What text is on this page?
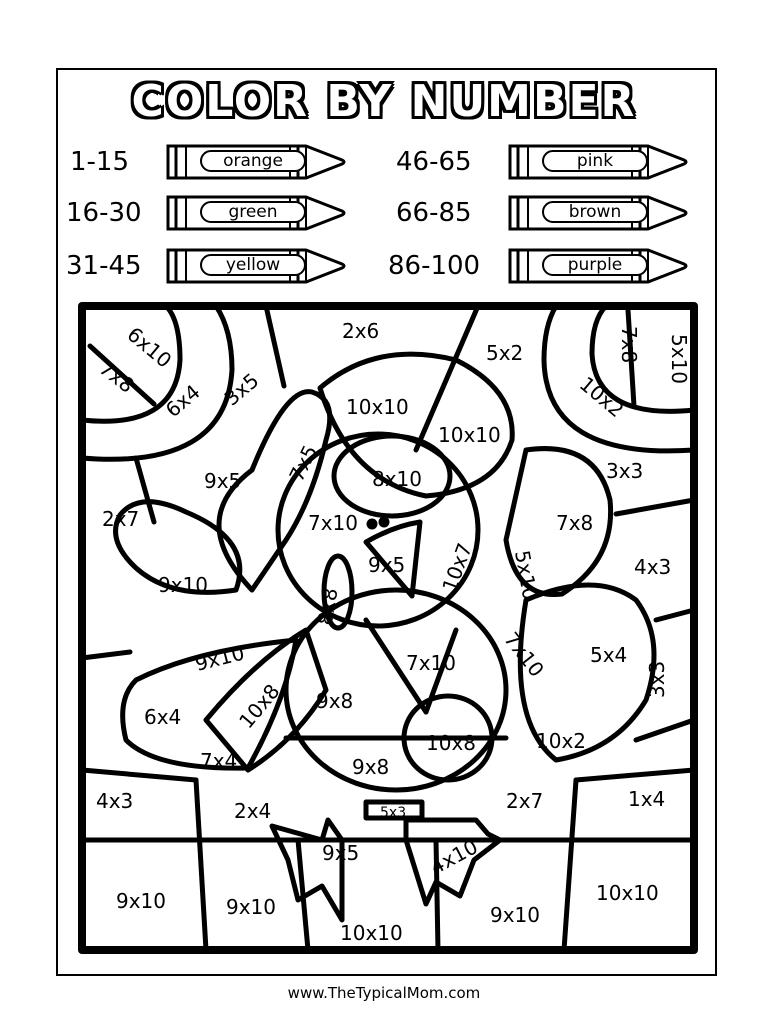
COLOR BY NUMBER
1-15	orange
16-30	green
31-45	yellow
46-65	pink
66-85	brown
86-100	purple
6x10
7x8
6x4 3x5
2x6
5x2	7x8 5x10
10x2
10x10
10x10
9x5 7x5 8x10	3x3
2x7	7x10
9x5 10x7 5x10
7x8
9x10
4x3
8x8
9x10	7x10 7x10 5x4
3x3
10x8
6x4
9x8
10x8	10x2
7x4	9x8
4x3	2x4	5x3	2x7	1x4
9x5	4x10
9x10	9x10
10x10
9x10
10x10
www.TheTypicalMom.com
